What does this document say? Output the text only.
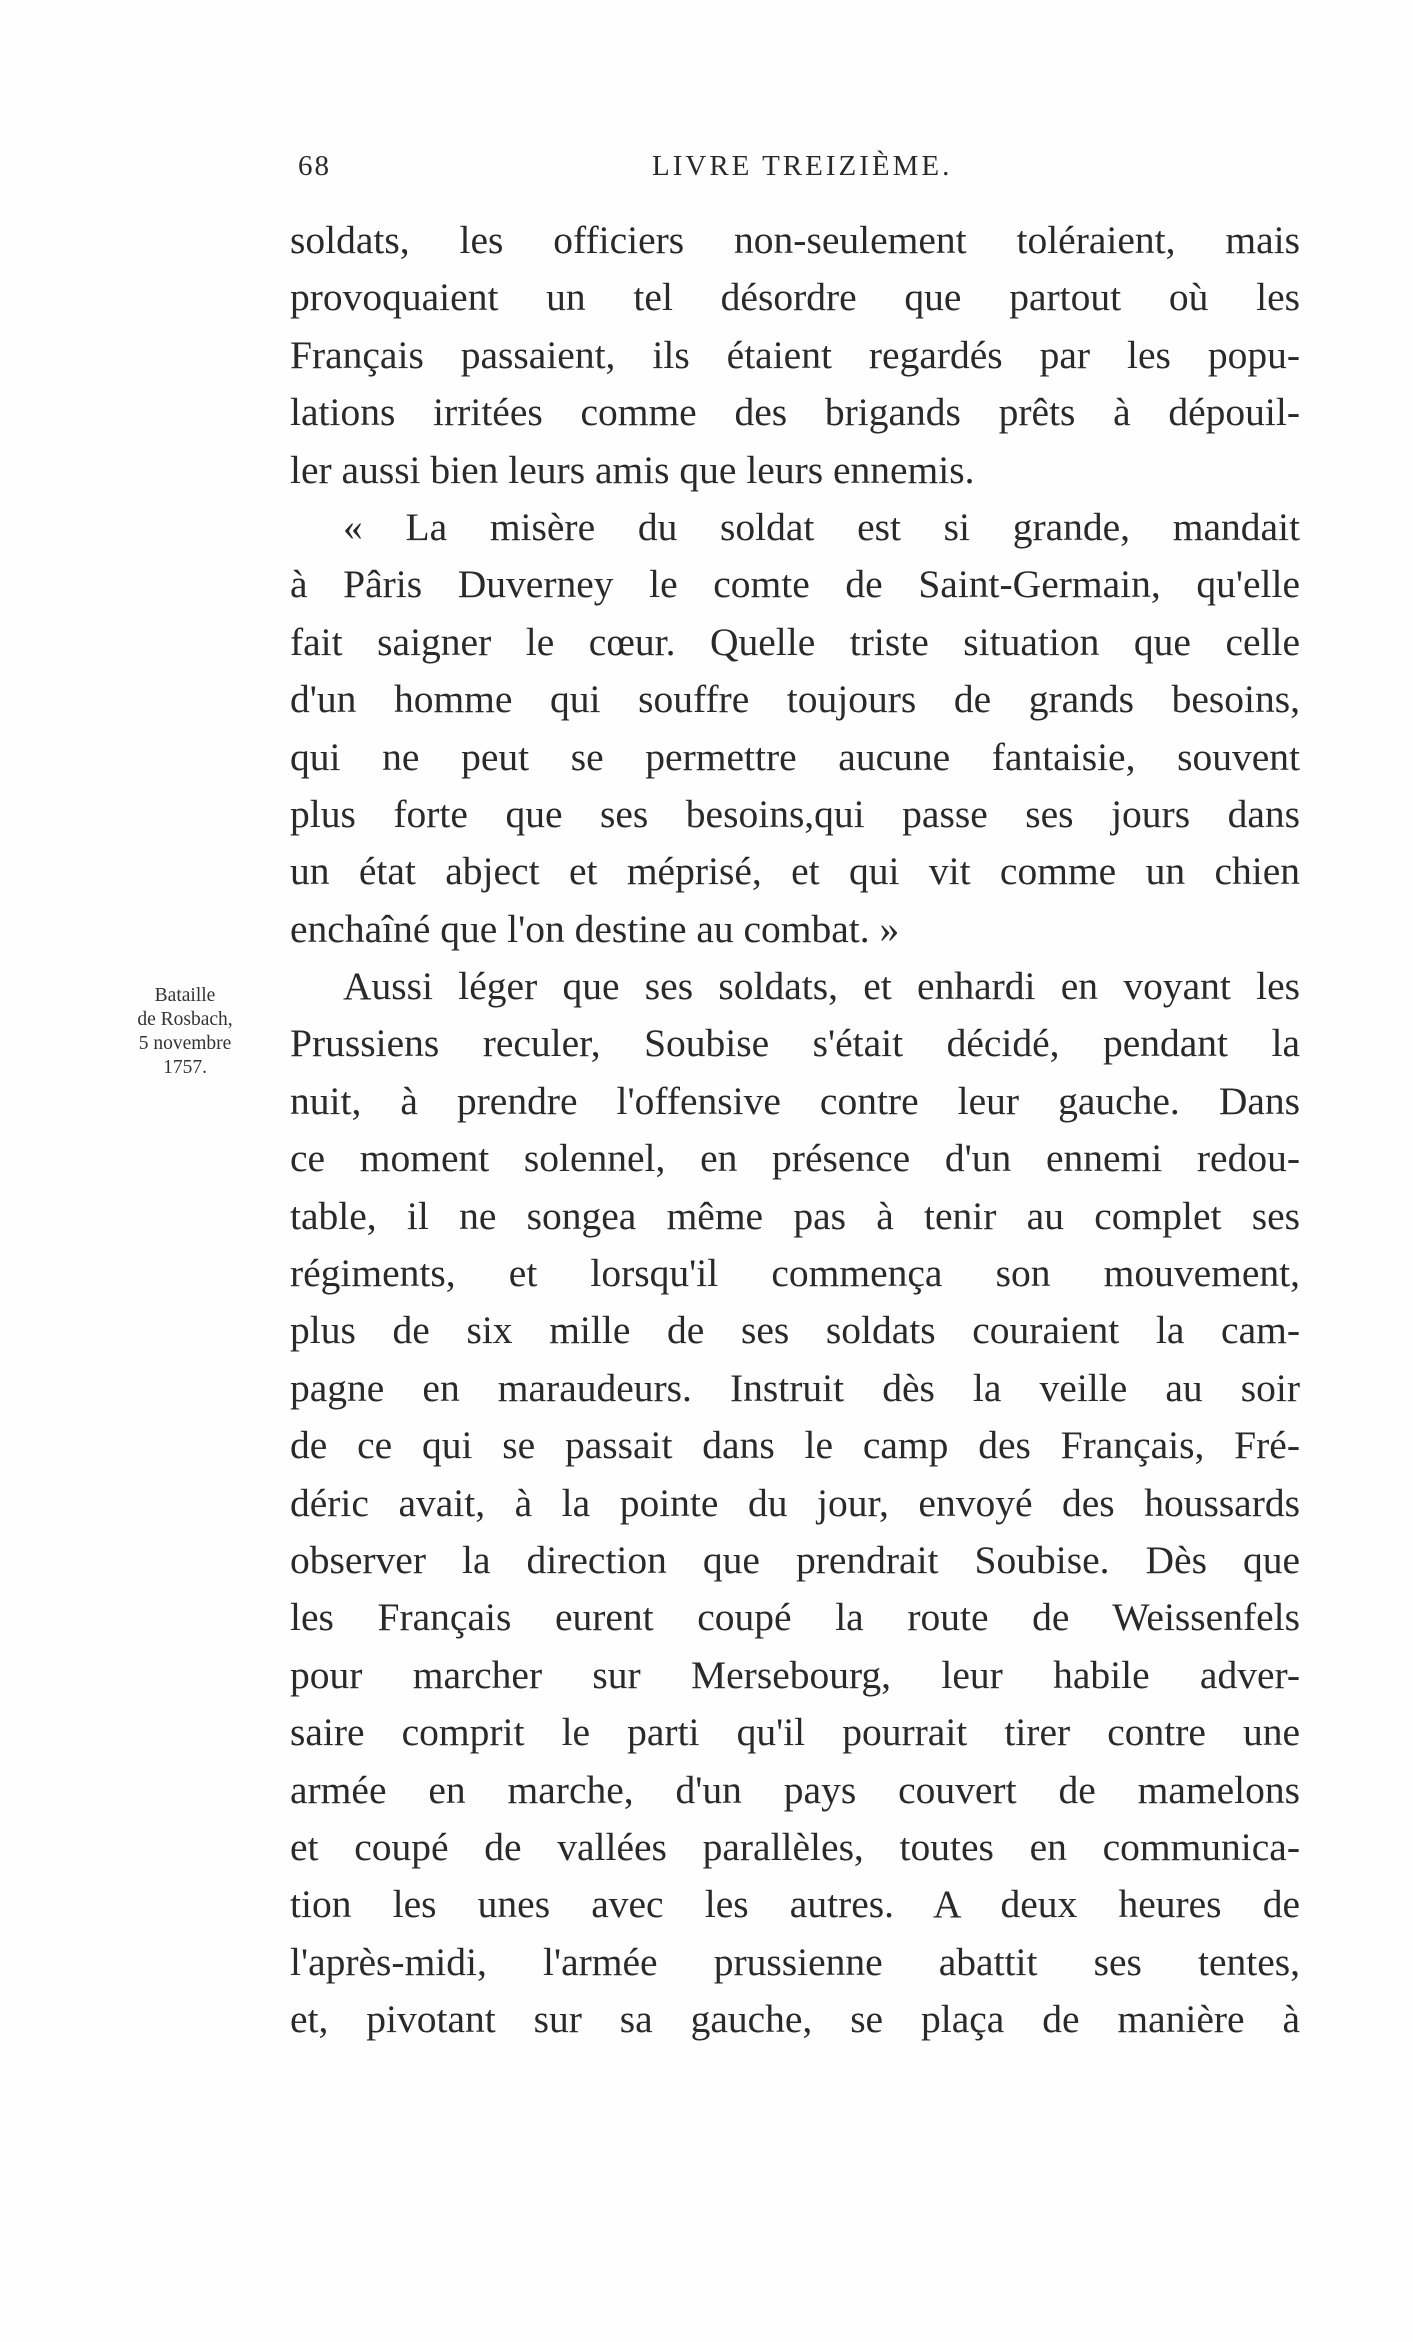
68	LIVRE TREIZIÈME.
Bataille
de Rosbach,
5 novembre
1757.
soldats, les officiers non-seulement toléraient, mais
provoquaient un tel désordre que partout où les
Français passaient, ils étaient regardés par les popu-
lations irritées comme des brigands prêts à dépouil-
ler aussi bien leurs amis que leurs ennemis.
« La misère du soldat est si grande, mandait
à Pâris Duverney le comte de Saint-Germain, qu'elle
fait saigner le cœur. Quelle triste situation que celle
d'un homme qui souffre toujours de grands besoins,
qui ne peut se permettre aucune fantaisie, souvent
plus forte que ses besoins,qui passe ses jours dans
un état abject et méprisé, et qui vit comme un chien
enchaîné que l'on destine au combat. »
Aussi léger que ses soldats, et enhardi en voyant les
Prussiens reculer, Soubise s'était décidé, pendant la
nuit, à prendre l'offensive contre leur gauche. Dans
ce moment solennel, en présence d'un ennemi redou-
table, il ne songea même pas à tenir au complet ses
régiments, et lorsqu'il commença son mouvement,
plus de six mille de ses soldats couraient la cam-
pagne en maraudeurs. Instruit dès la veille au soir
de ce qui se passait dans le camp des Français, Fré-
déric avait, à la pointe du jour, envoyé des houssards
observer la direction que prendrait Soubise. Dès que
les Français eurent coupé la route de Weissenfels
pour marcher sur Mersebourg, leur habile adver-
saire comprit le parti qu'il pourrait tirer contre une
armée en marche, d'un pays couvert de mamelons
et coupé de vallées parallèles, toutes en communica-
tion les unes avec les autres. A deux heures de
l'après-midi, l'armée prussienne abattit ses tentes,
et, pivotant sur sa gauche, se plaça de manière à
